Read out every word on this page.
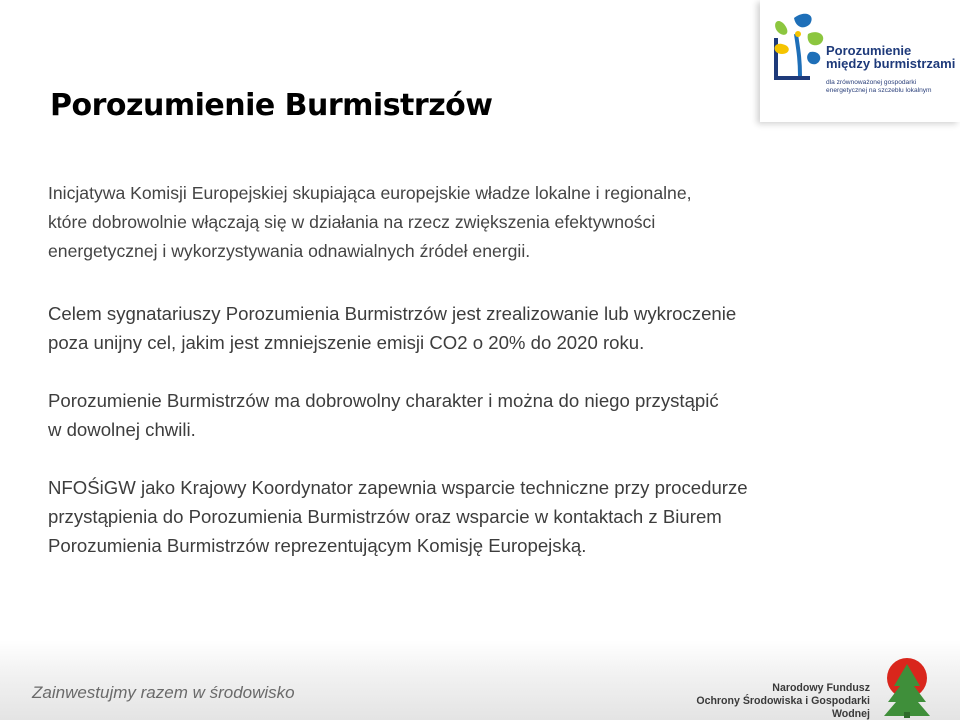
Porozumienie
między burmistrzami
dla zrównoważonej gospodarki
energetycznej na szczeblu lokalnym
Porozumienie Burmistrzów
Inicjatywa Komisji Europejskiej skupiająca europejskie władze lokalne i regionalne,
które dobrowolnie włączają się w działania na rzecz zwiększenia efektywności
energetycznej i wykorzystywania odnawialnych źródeł energii.
Celem sygnatariuszy Porozumienia Burmistrzów jest zrealizowanie lub wykroczenie
poza unijny cel, jakim jest zmniejszenie emisji CO2 o 20% do 2020 roku.
Porozumienie Burmistrzów ma dobrowolny charakter i można do niego przystąpić
w dowolnej chwili.
NFOŚiGW jako Krajowy Koordynator zapewnia wsparcie techniczne przy procedurze
przystąpienia do Porozumienia Burmistrzów oraz wsparcie w kontaktach z Biurem
Porozumienia Burmistrzów reprezentującym Komisję Europejską.
Zainwestujmy razem w środowisko	Narodowy Fundusz
Ochrony Środowiska i Gospodarki Wodnej
